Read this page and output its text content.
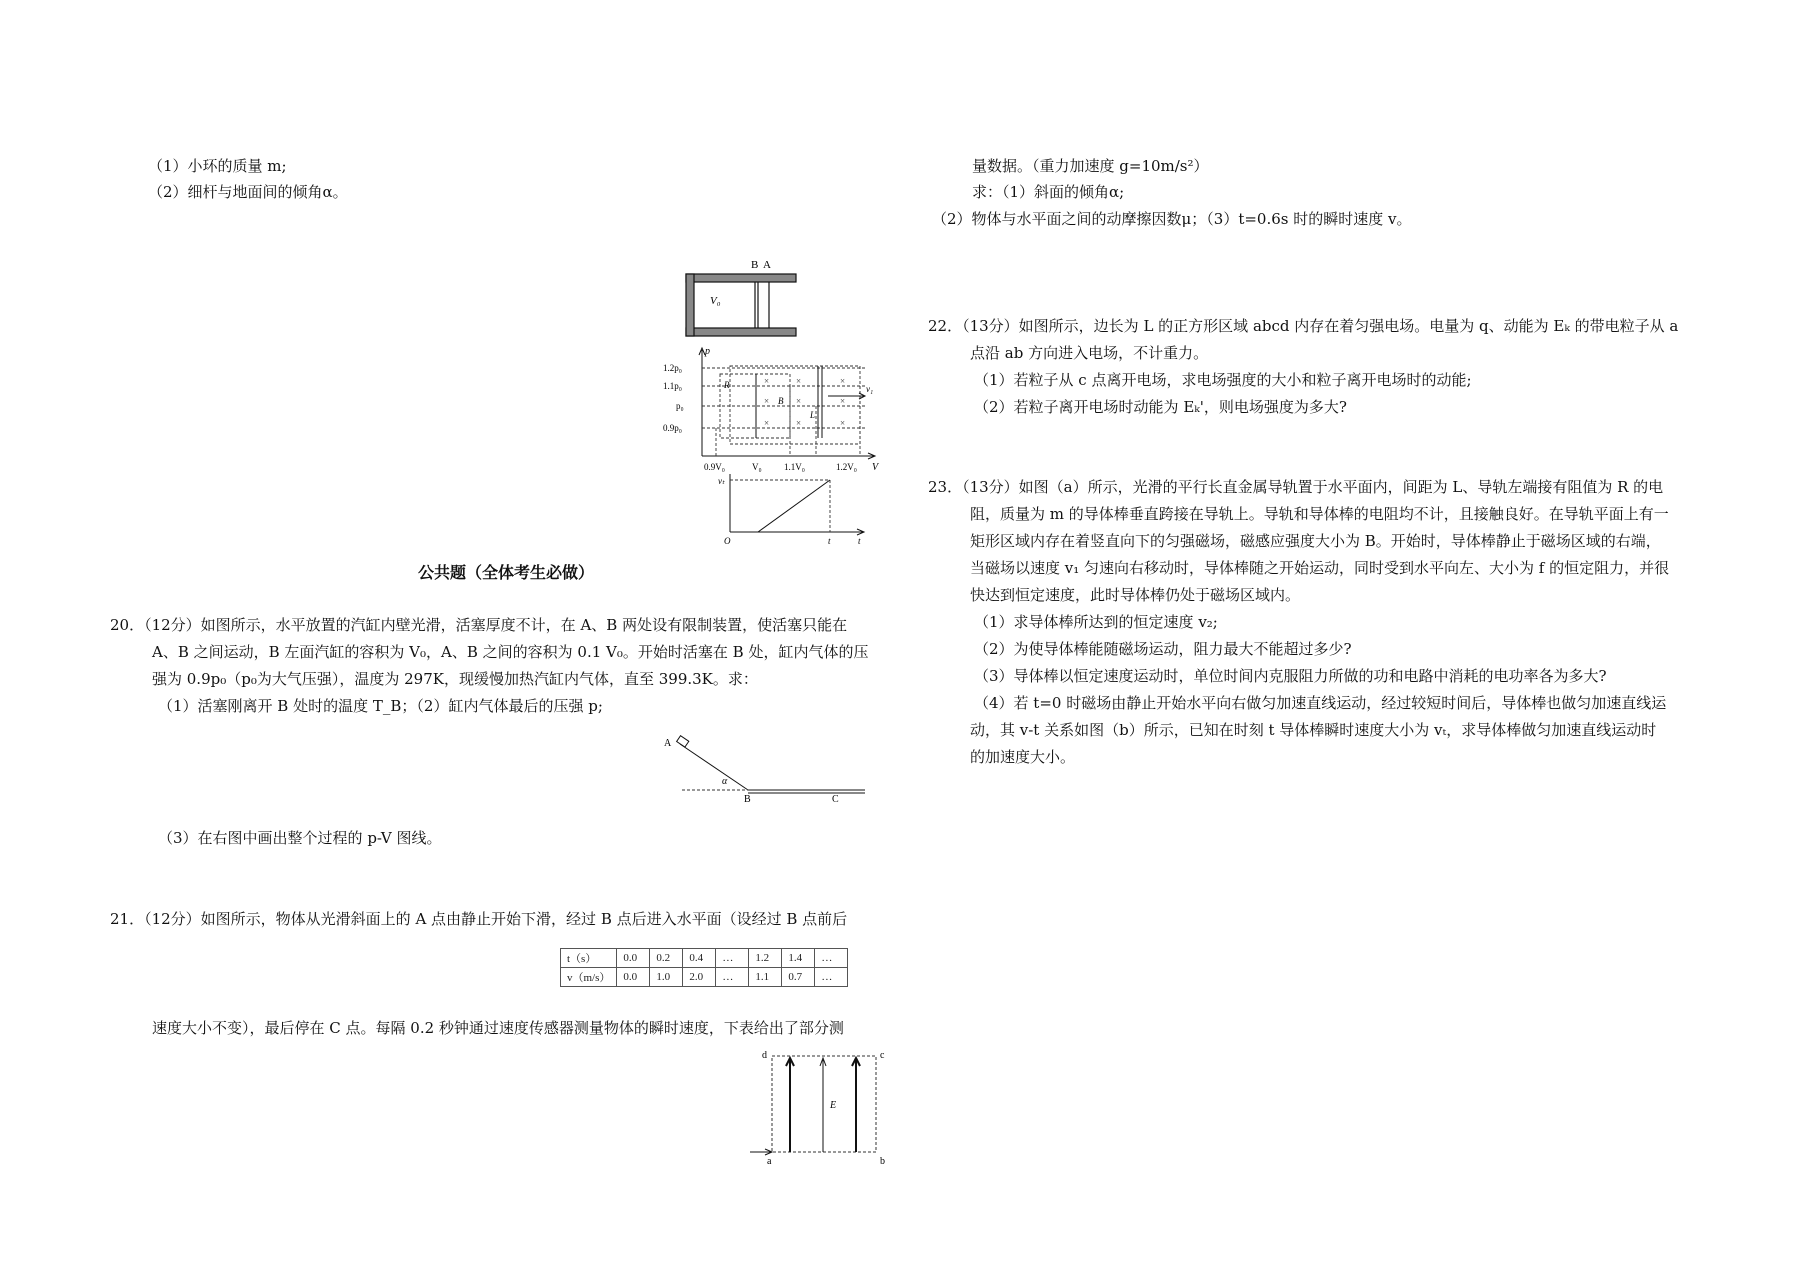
（1）小环的质量 m;
（2）细杆与地面间的倾角α。
公共题（全体考生必做）
20．（12分）如图所示，水平放置的汽缸内壁光滑，活塞厚度不计，在 A、B 两处设有限制装置，使活塞只能在
A、B 之间运动，B 左面汽缸的容积为 V₀，A、B 之间的容积为 0.1 V₀。开始时活塞在 B 处，缸内气体的压
强为 0.9p₀（p₀为大气压强），温度为 297K，现缓慢加热汽缸内气体，直至 399.3K。求：
（1）活塞刚离开 B 处时的温度 T_B；（2）缸内气体最后的压强 p;
（3）在右图中画出整个过程的 p-V 图线。
21．（12分）如图所示，物体从光滑斜面上的 A 点由静止开始下滑，经过 B 点后进入水平面（设经过 B 点前后
速度大小不变），最后停在 C 点。每隔 0.2 秒钟通过速度传感器测量物体的瞬时速度，下表给出了部分测
t（s）	0.0	0.2	0.4	…	1.2	1.4	…
v（m/s）	0.0	1.0	2.0	…	1.1	0.7	…
量数据。（重力加速度 g=10m/s²）
求：（1）斜面的倾角α;
（2）物体与水平面之间的动摩擦因数μ；（3）t=0.6s 时的瞬时速度 v。
22．（13分）如图所示，边长为 L 的正方形区域 abcd 内存在着匀强电场。电量为 q、动能为 Eₖ 的带电粒子从 a
点沿 ab 方向进入电场，不计重力。
（1）若粒子从 c 点离开电场，求电场强度的大小和粒子离开电场时的动能;
（2）若粒子离开电场时动能为 Eₖ'，则电场强度为多大?
23．（13分）如图（a）所示，光滑的平行长直金属导轨置于水平面内，间距为 L、导轨左端接有阻值为 R 的电
阻，质量为 m 的导体棒垂直跨接在导轨上。导轨和导体棒的电阻均不计，且接触良好。在导轨平面上有一
矩形区域内存在着竖直向下的匀强磁场，磁感应强度大小为 B。开始时，导体棒静止于磁场区域的右端，
当磁场以速度 v₁ 匀速向右移动时，导体棒随之开始运动，同时受到水平向左、大小为 f 的恒定阻力，并很
快达到恒定速度，此时导体棒仍处于磁场区域内。
（1）求导体棒所达到的恒定速度 v₂;
（2）为使导体棒能随磁场运动，阻力最大不能超过多少?
（3）导体棒以恒定速度运动时，单位时间内克服阻力所做的功和电路中消耗的电功率各为多大?
（4）若 t=0 时磁场由静止开始水平向右做匀加速直线运动，经过较短时间后，导体棒也做匀加速直线运
动，其 v-t 关系如图（b）所示，已知在时刻 t 导体棒瞬时速度大小为 vₜ，求导体棒做匀加速直线运动时
的加速度大小。
B A
V₀
×	×	×
×	×	×
×	×	×
p
V
1.2p₀
1.1p₀
p₀
0.9p₀
0.9V₀	V₀ 1.1V₀	1.2V₀
R
B
L
v₁
vₜ
O	t	t
A
α
B	C
d	c
E
a	b
